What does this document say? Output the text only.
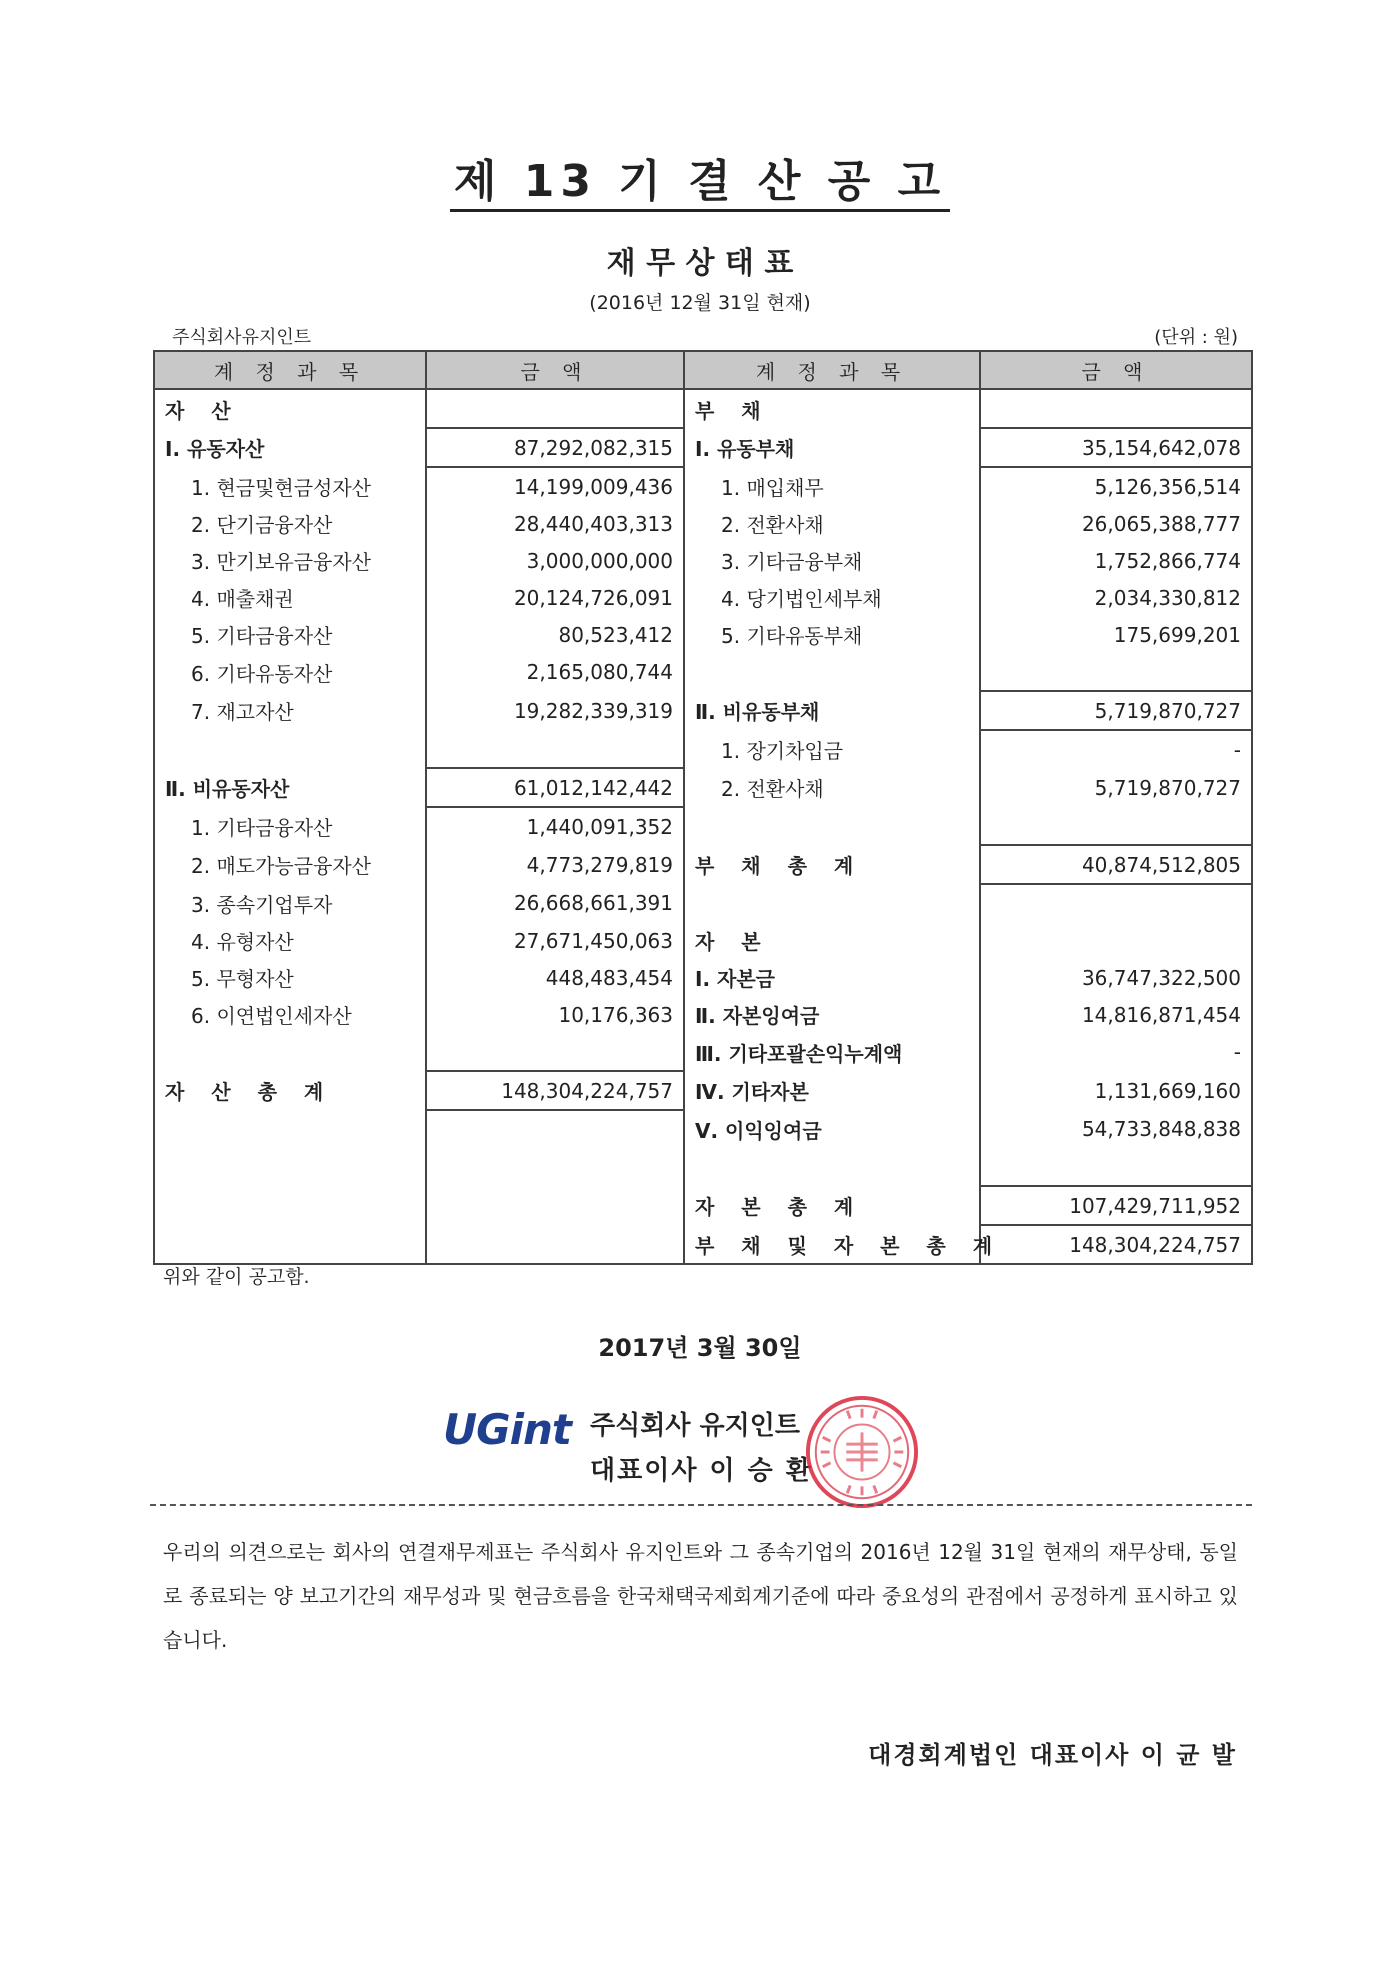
제 13 기 결 산 공 고
재 무 상 태 표
(2016년 12월 31일 현재)
주식회사유지인트	(단위 : 원)
계 정 과 목	금 액	계 정 과 목	금 액
자 산		부 채	
Ⅰ. 유동자산	87,292,082,315	Ⅰ. 유동부채	35,154,642,078
1. 현금및현금성자산	14,199,009,436	1. 매입채무	5,126,356,514
2. 단기금융자산	28,440,403,313	2. 전환사채	26,065,388,777
3. 만기보유금융자산	3,000,000,000	3. 기타금융부채	1,752,866,774
4. 매출채권	20,124,726,091	4. 당기법인세부채	2,034,330,812
5. 기타금융자산	80,523,412	5. 기타유동부채	175,699,201
6. 기타유동자산	2,165,080,744		
7. 재고자산	19,282,339,319	Ⅱ. 비유동부채	5,719,870,727
		1. 장기차입금	-
Ⅱ. 비유동자산	61,012,142,442	2. 전환사채	5,719,870,727
1. 기타금융자산	1,440,091,352		
2. 매도가능금융자산	4,773,279,819	부 채 총 계	40,874,512,805
3. 종속기업투자	26,668,661,391		
4. 유형자산	27,671,450,063	자 본	
5. 무형자산	448,483,454	Ⅰ. 자본금	36,747,322,500
6. 이연법인세자산	10,176,363	Ⅱ. 자본잉여금	14,816,871,454
		Ⅲ. 기타포괄손익누계액	-
자 산 총 계	148,304,224,757	Ⅳ. 기타자본	1,131,669,160
		Ⅴ. 이익잉여금	54,733,848,838

		자 본 총 계	107,429,711,952
		부 채 및 자 본 총 계	148,304,224,757
위와 같이 공고함.
2017년 3월 30일
UGint 주식회사 유지인트
대표이사 이 승 환
우리의 의견으로는 회사의 연결재무제표는 주식회사 유지인트와 그 종속기업의 2016년 12월 31일 현재의 재무상태, 동일로 종료되는 양 보고기간의 재무성과 및 현금흐름을 한국채택국제회계기준에 따라 중요성의 관점에서 공정하게 표시하고 있습니다.
대경회계법인 대표이사 이 균 발
